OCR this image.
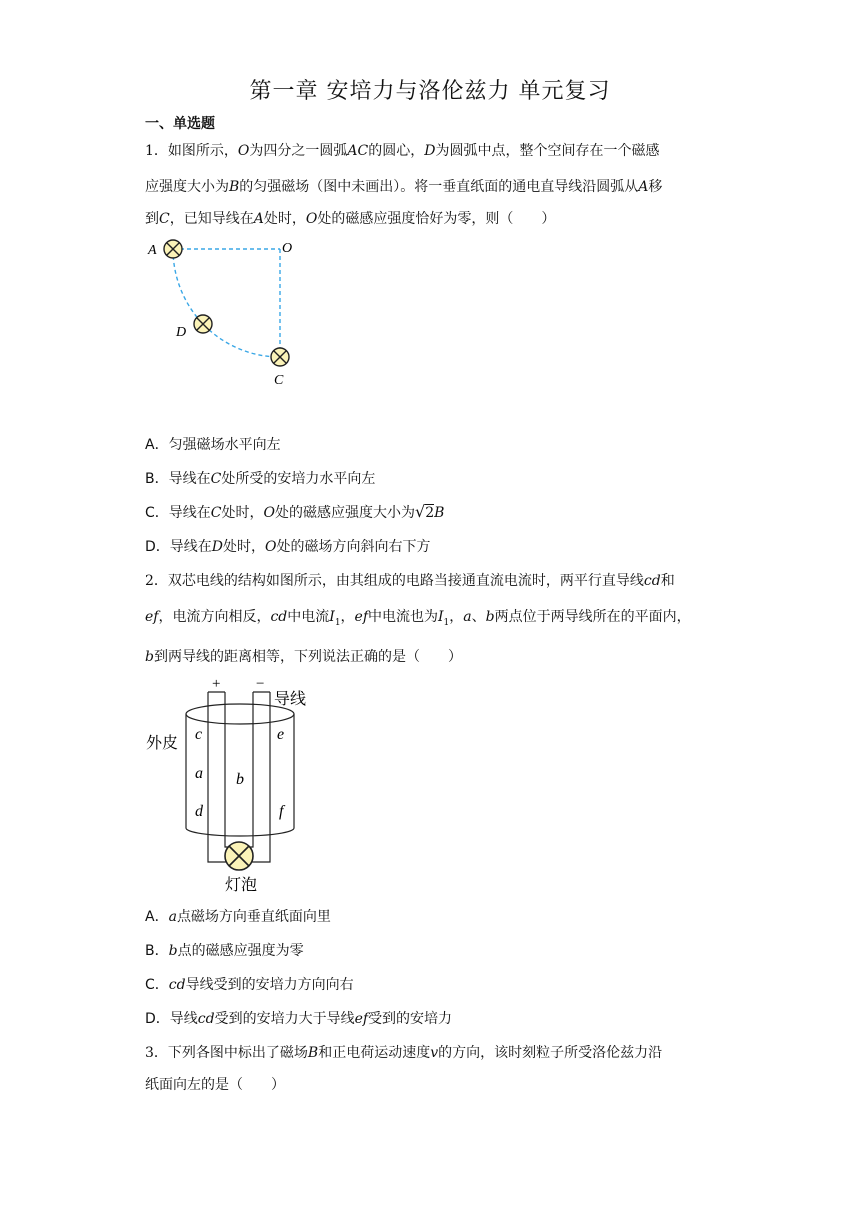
第一章 安培力与洛伦兹力 单元复习
一、单选题
1．如图所示，O为四分之一圆弧AC的圆心，D为圆弧中点，整个空间存在一个磁感
应强度大小为B的匀强磁场（图中未画出）。将一垂直纸面的通电直导线沿圆弧从A移
到C，已知导线在A处时，O处的磁感应强度恰好为零，则（　　）
A	O
D
C
A．匀强磁场水平向左
B．导线在C处所受的安培力水平向左
C．导线在C处时，O处的磁感应强度大小为√2B
D．导线在D处时，O处的磁场方向斜向右下方
2．双芯电线的结构如图所示，由其组成的电路当接通直流电流时，两平行直导线cd和
ef，电流方向相反，cd中电流$I_1$，ef中电流也为$I_1$，a、b两点位于两导线所在的平面内，
b到两导线的距离相等，下列说法正确的是（　　）
+ −
导线
外皮
灯泡
c
a
d
b
e
f
A．a点磁场方向垂直纸面向里
B．b点的磁感应强度为零
C．cd导线受到的安培力方向向右
D．导线cd受到的安培力大于导线ef受到的安培力
3．下列各图中标出了磁场B和正电荷运动速度v的方向，该时刻粒子所受洛伦兹力沿
纸面向左的是（　　）
